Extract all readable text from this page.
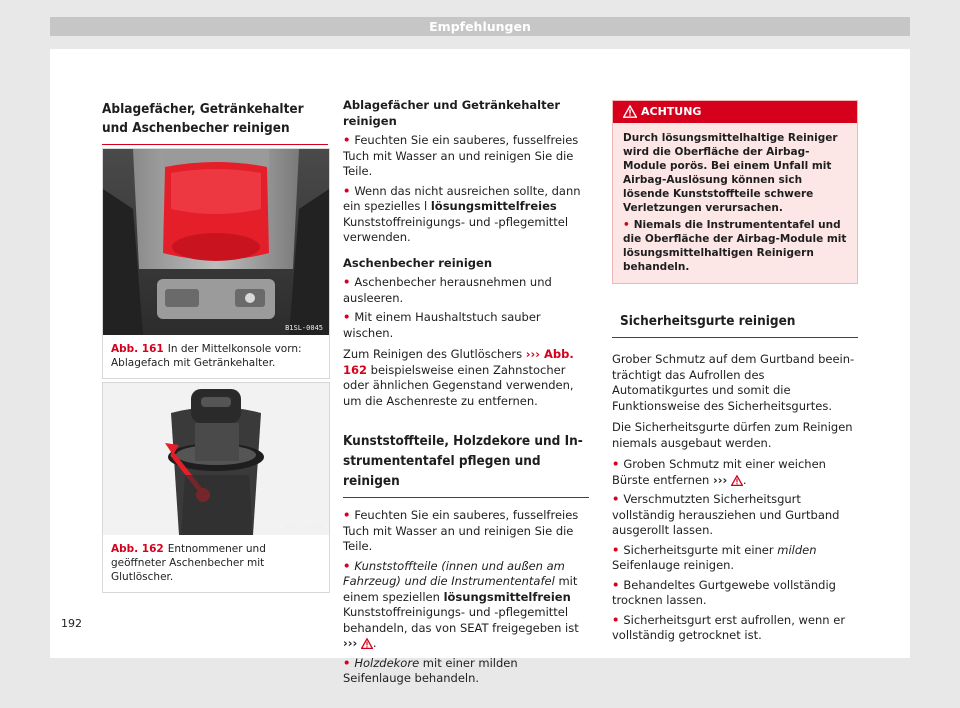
Empfehlungen
Ablagefächer, Getränkehalter und Aschenbecher reinigen
B1SL-0045
Abb. 161 In der Mittelkonsole vorn: Ablagefach mit Getränkehalter.
B1SL-0259
Abb. 162 Entnommener und geöffneter Aschenbecher mit Glutlöscher.

Ablagefächer und Getränkehalter reinigen

• Feuchten Sie ein sauberes, fusselfreies Tuch mit Wasser an und reinigen Sie die Teile.

• Wenn das nicht ausreichen sollte, dann ein spezielles l lösungsmittelfreies Kunststoffreinigungs- und -pflegemittel verwenden.

Aschenbecher reinigen

• Aschenbecher herausnehmen und ausleeren.

• Mit einem Haushaltstuch sauber wischen.

Zum Reinigen des Glutlöschers ››› Abb. 162 beispielsweise einen Zahnstocher oder ähnlichen Gegenstand verwenden, um die Aschenreste zu entfernen.

Kunststoffteile, Holzdekore und Instrumententafel pflegen und reinigen

• Feuchten Sie ein sauberes, fusselfreies Tuch mit Wasser an und reinigen Sie die Teile.

• Kunststoffteile (innen und außen am Fahrzeug) und die Instrumententafel mit einem speziellen lösungsmittelfreien Kunststoffreinigungs- und -pflegemittel behandeln, das von SEAT freigegeben ist ››› .

• Holzdekore mit einer milden Seifenlauge behandeln.

ACHTUNG
Durch lösungsmittelhaltige Reiniger wird die Oberfläche der Airbag-Module porös. Bei einem Unfall mit Airbag-Auslösung können sich lösende Kunststoffteile schwere Verletzungen verursachen.
• Niemals die Instrumententafel und die Oberfläche der Airbag-Module mit lösungsmittelhaltigen Reinigern behandeln.
Sicherheitsgurte reinigen

Grober Schmutz auf dem Gurtband beeinträchtigt das Aufrollen des Automatikgurtes und somit die Funktionsweise des Sicherheitsgurtes.

Die Sicherheitsgurte dürfen zum Reinigen niemals ausgebaut werden.

• Groben Schmutz mit einer weichen Bürste entfernen ››› .

• Verschmutzten Sicherheitsgurt vollständig herausziehen und Gurtband ausgerollt lassen.

• Sicherheitsgurte mit einer milden Seifenlauge reinigen.

• Behandeltes Gurtgewebe vollständig trocknen lassen.

• Sicherheitsgurt erst aufrollen, wenn er vollständig getrocknet ist.

192
